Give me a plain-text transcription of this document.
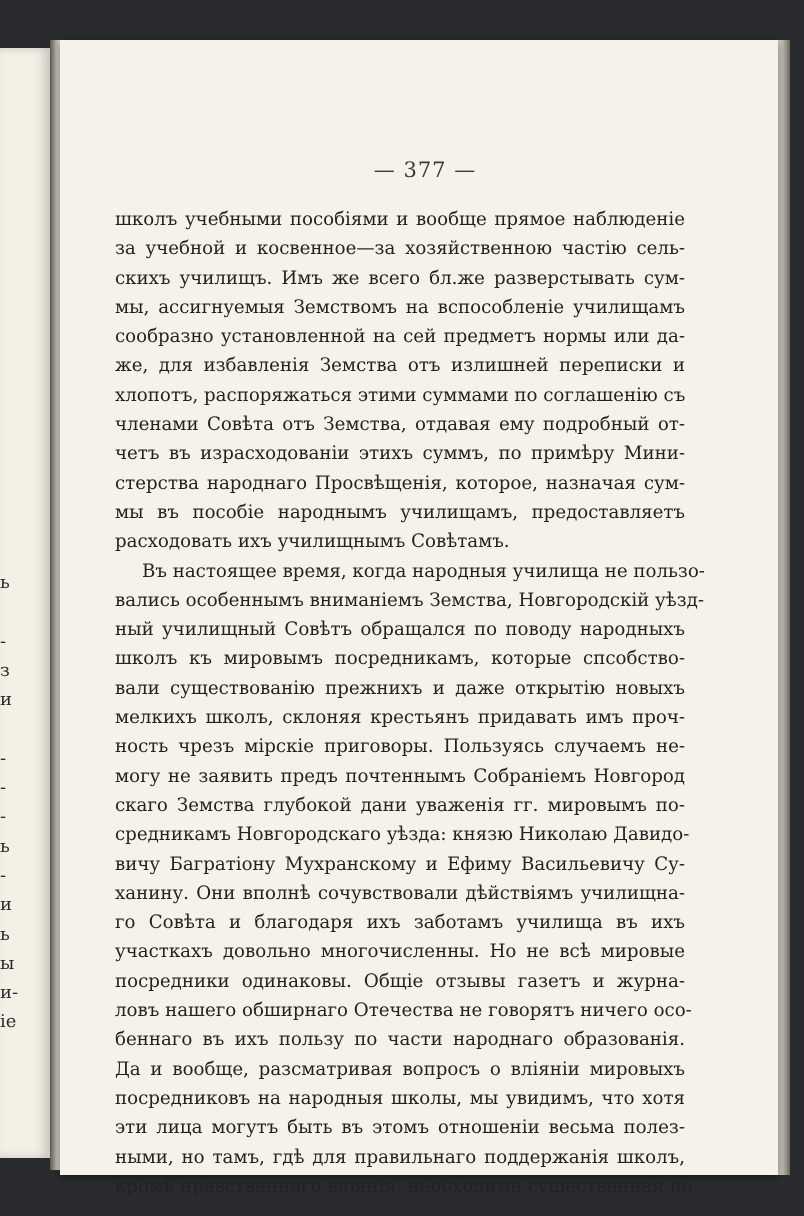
ь
-
з
и
-
-
-
ь
-
и
ь
ы
и-
іе
— 377 —
школъ учебными пособіями и вообще прямое наблюденіе
за учебной и косвенное—за хозяйственною частію сель-
скихъ училищъ. Имъ же всего бл.же разверстывать сум-
мы, ассигнуемыя Земствомъ на вспособленіе училищамъ
сообразно установленной на сей предметъ нормы или да-
же, для избавленія Земства отъ излишней переписки и
хлопотъ, распоряжаться этими суммами по соглашенію съ
членами Совѣта отъ Земства, отдавая ему подробный от-
четъ въ израсходованіи этихъ суммъ, по примѣру Мини-
стерства народнаго Просвѣщенія, которое, назначая сум-
мы въ пособіе народнымъ училищамъ, предоставляетъ
расходовать ихъ училищнымъ Совѣтамъ.
Въ настоящее время, когда народныя училища не пользо-
вались особеннымъ вниманіемъ Земства, Новгородскій уѣзд-
ный училищный Совѣтъ обращался по поводу народныхъ
школъ къ мировымъ посредникамъ, которые спсобство-
вали существованію прежнихъ и даже открытію новыхъ
мелкихъ школъ, склоняя крестьянъ придавать имъ проч-
ность чрезъ мірскіе приговоры. Пользуясь случаемъ не-
могу не заявить предъ почтеннымъ Собраніемъ Новгород
скаго Земства глубокой дани уваженія гг. мировымъ по-
средникамъ Новгородскаго уѣзда: князю Николаю Давидо-
вичу Багратіону Мухранскому и Ефиму Васильевичу Су-
ханину. Они вполнѣ сочувствовали дѣйствіямъ училищна-
го Совѣта и благодаря ихъ заботамъ училища въ ихъ
участкахъ довольно многочисленны. Но не всѣ мировые
посредники одинаковы. Общіе отзывы газетъ и журна-
ловъ нашего обширнаго Отечества не говорятъ ничего осо-
беннаго въ ихъ пользу по части народнаго образованія.
Да и вообще, разсматривая вопросъ о вліяніи мировыхъ
посредниковъ на народныя школы, мы увидимъ, что хотя
эти лица могутъ быть въ этомъ отношеніи весьма полез-
ными, но тамъ, гдѣ для правильнаго поддержанія школъ,
кромѣ нравственнаго вліянія, необходима существенная по-
